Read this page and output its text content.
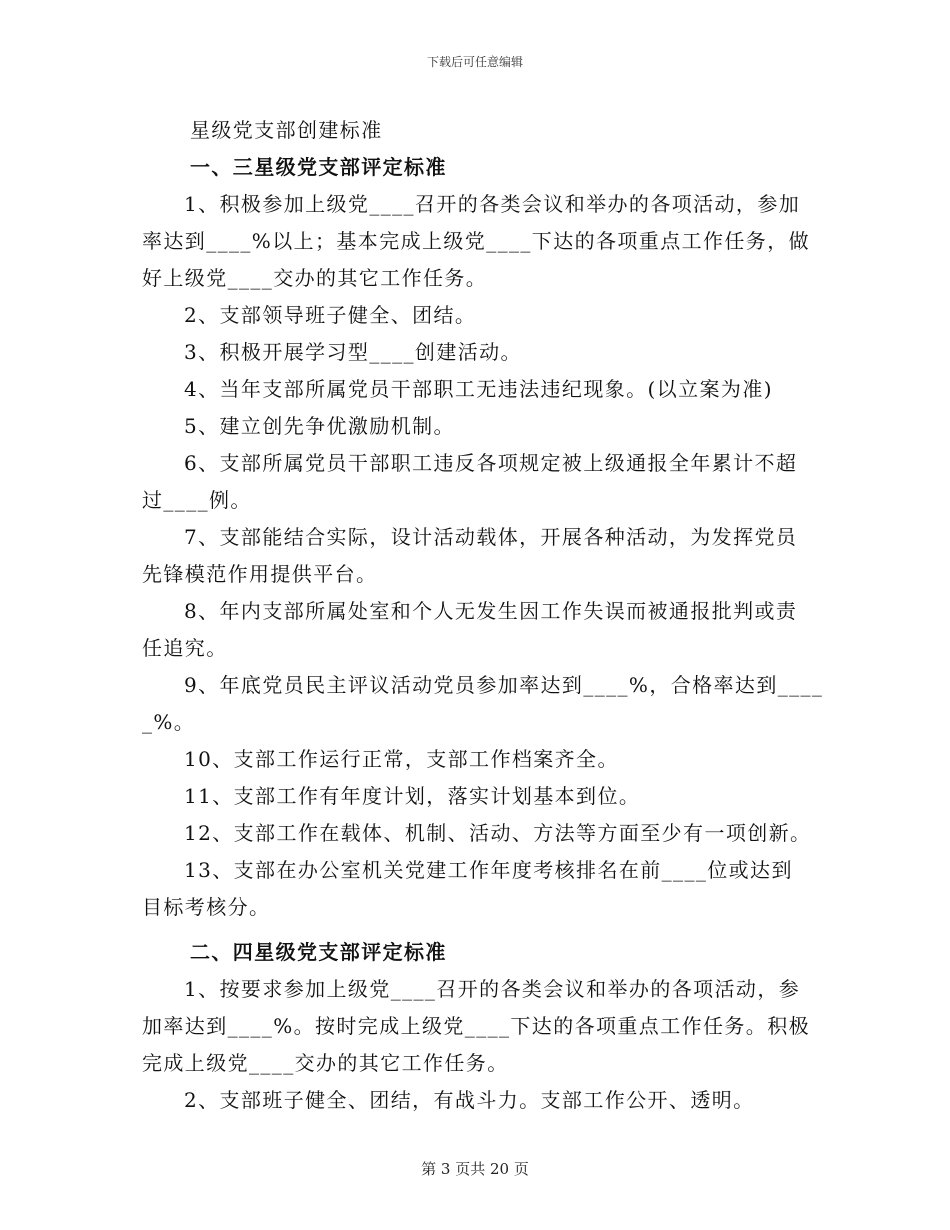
下载后可任意编辑
星级党支部创建标准
一、三星级党支部评定标准
1、积极参加上级党____召开的各类会议和举办的各项活动，参加
率达到____%以上；基本完成上级党____下达的各项重点工作任务，做
好上级党____交办的其它工作任务。
2、支部领导班子健全、团结。
3、积极开展学习型____创建活动。
4、当年支部所属党员干部职工无违法违纪现象。(以立案为准)
5、建立创先争优激励机制。
6、支部所属党员干部职工违反各项规定被上级通报全年累计不超
过____例。
7、支部能结合实际，设计活动载体，开展各种活动，为发挥党员
先锋模范作用提供平台。
8、年内支部所属处室和个人无发生因工作失误而被通报批判或责
任追究。
9、年底党员民主评议活动党员参加率达到____%，合格率达到____
_%。
10、支部工作运行正常，支部工作档案齐全。
11、支部工作有年度计划，落实计划基本到位。
12、支部工作在载体、机制、活动、方法等方面至少有一项创新。
13、支部在办公室机关党建工作年度考核排名在前____位或达到
目标考核分。
二、四星级党支部评定标准
1、按要求参加上级党____召开的各类会议和举办的各项活动，参
加率达到____%。按时完成上级党____下达的各项重点工作任务。积极
完成上级党____交办的其它工作任务。
2、支部班子健全、团结，有战斗力。支部工作公开、透明。
第 3 页共 20 页
